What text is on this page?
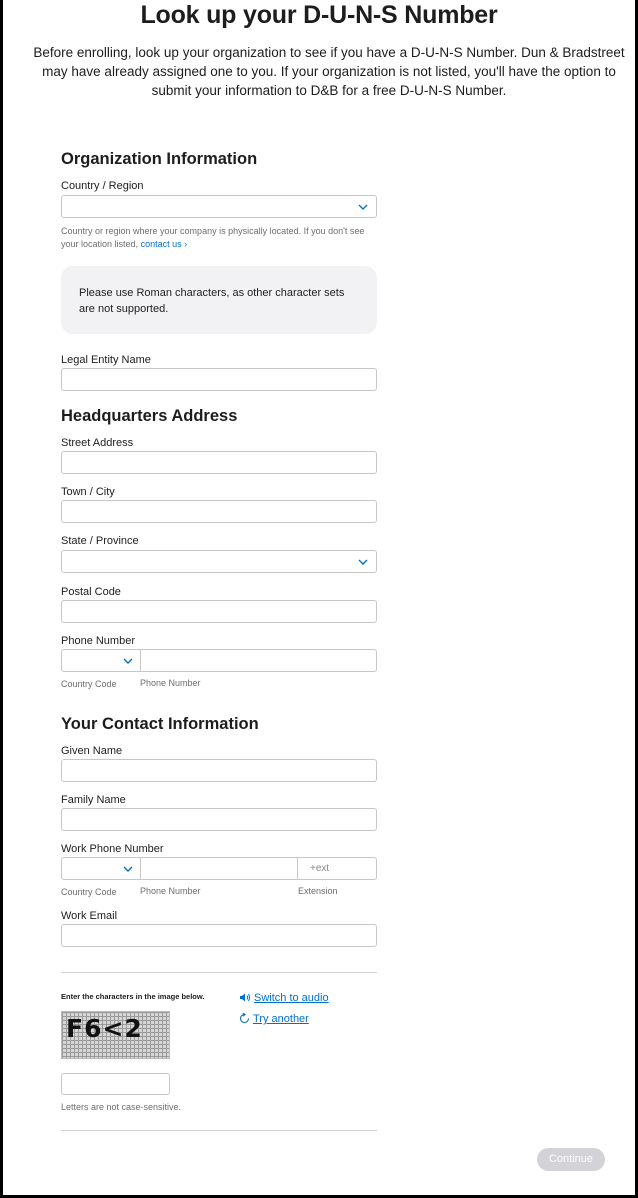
Look up your D-U-N-S Number

Before enrolling, look up your organization to see if you have a D-U-N-S Number. Dun & Bradstreet may have already assigned one to you. If your organization is not listed, you'll have the option to submit your information to D&B for a free D-U-N-S Number.

Organization Information
Country / Region

Country or region where your company is physically located. If you don't see your location listed, contact us ›

Please use Roman characters, as other character sets are not supported.
Legal Entity Name
Headquarters Address
Street Address
Town / City
State / Province
Postal Code
Phone Number
Country Code	Phone Number
Your Contact Information
Given Name
Family Name
Work Phone Number
+ext
Country Code	Phone Number	Extension
Work Email
Enter the characters in the image below.
F6<2
Switch to audio
Try another
Letters are not case-sensitive.
Continue
